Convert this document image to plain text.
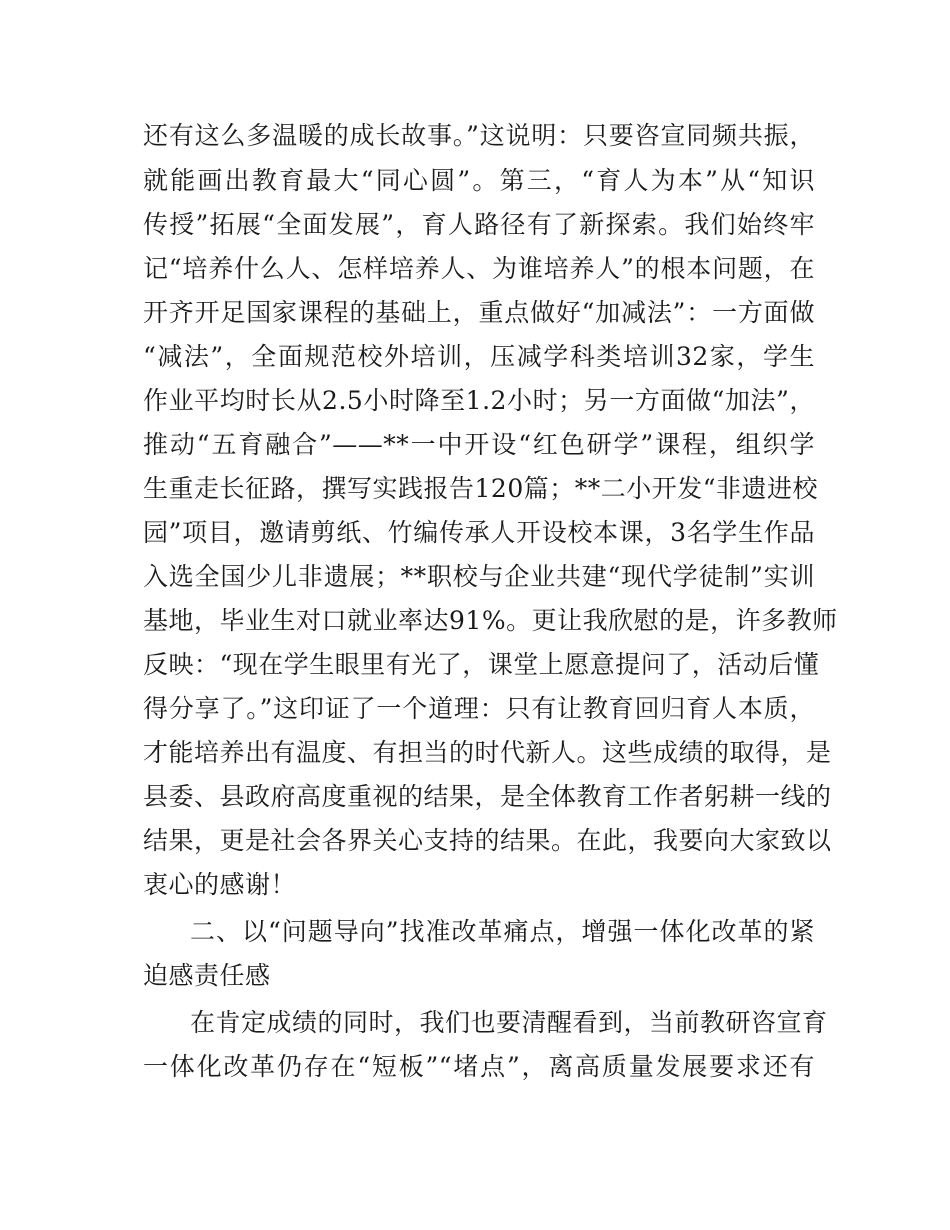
还有这么多温暖的成长故事。”这说明：只要咨宣同频共振，

就能画出教育最大“同心圆”。第三，“育人为本”从“知识

传授”拓展“全面发展”，育人路径有了新探索。我们始终牢

记“培养什么人、怎样培养人、为谁培养人”的根本问题，在

开齐开足国家课程的基础上，重点做好“加减法”：一方面做

“减法”，全面规范校外培训，压减学科类培训32家，学生

作业平均时长从2.5小时降至1.2小时；另一方面做“加法”，

推动“五育融合”——**一中开设“红色研学”课程，组织学

生重走长征路，撰写实践报告120篇；**二小开发“非遗进校

园”项目，邀请剪纸、竹编传承人开设校本课，3名学生作品

入选全国少儿非遗展；**职校与企业共建“现代学徒制”实训

基地，毕业生对口就业率达91%。更让我欣慰的是，许多教师

反映：“现在学生眼里有光了，课堂上愿意提问了，活动后懂

得分享了。”这印证了一个道理：只有让教育回归育人本质，

才能培养出有温度、有担当的时代新人。这些成绩的取得，是

县委、县政府高度重视的结果，是全体教育工作者躬耕一线的

结果，更是社会各界关心支持的结果。在此，我要向大家致以

衷心的感谢！

二、以“问题导向”找准改革痛点，增强一体化改革的紧

迫感责任感

在肯定成绩的同时，我们也要清醒看到，当前教研咨宣育

一体化改革仍存在“短板”“堵点”，离高质量发展要求还有
